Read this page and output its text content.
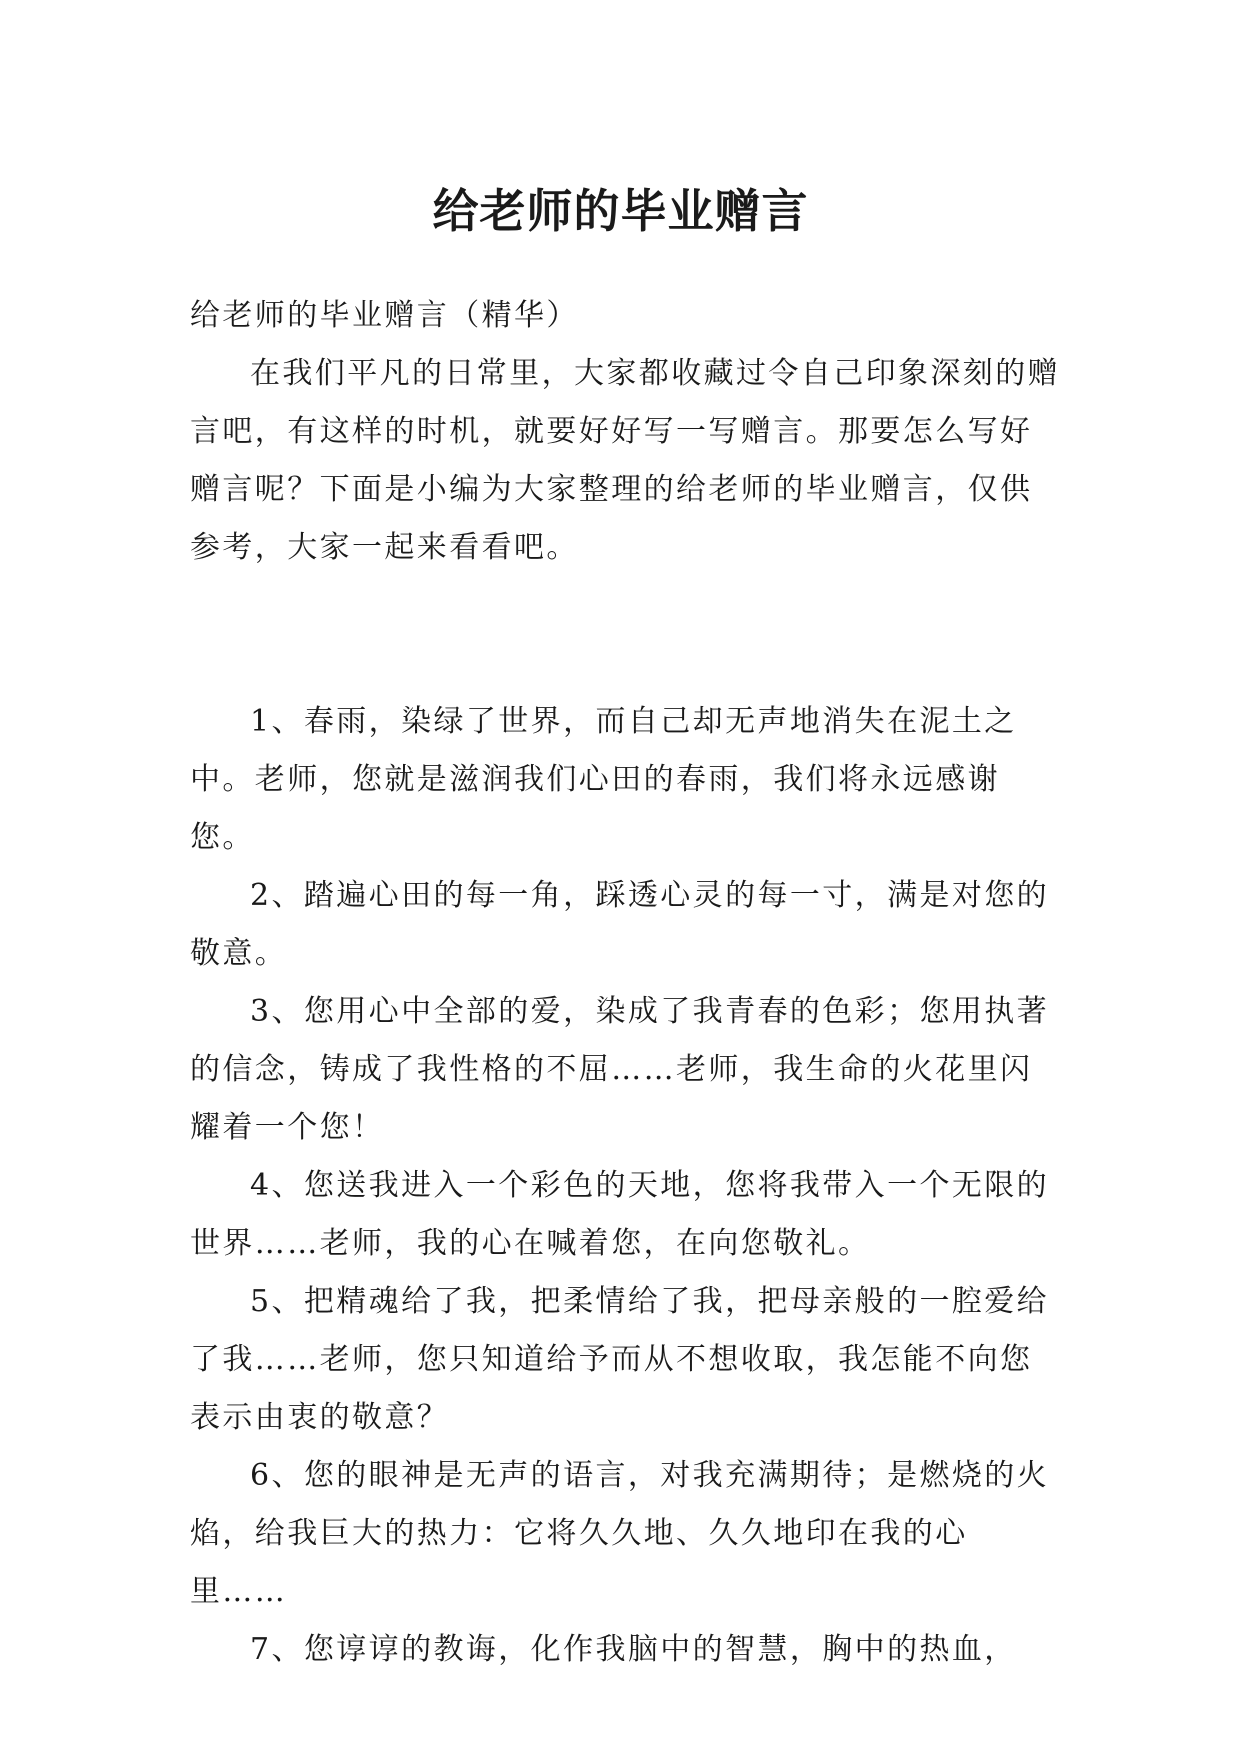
给老师的毕业赠言

给老师的毕业赠言（精华）

在我们平凡的日常里，大家都收藏过令自己印象深刻的赠言吧，有这样的时机，就要好好写一写赠言。那要怎么写好赠言呢？下面是小编为大家整理的给老师的毕业赠言，仅供参考，大家一起来看看吧。

1、春雨，染绿了世界，而自己却无声地消失在泥土之中。老师，您就是滋润我们心田的春雨，我们将永远感谢您。

2、踏遍心田的每一角，踩透心灵的每一寸，满是对您的敬意。

3、您用心中全部的爱，染成了我青春的色彩；您用执著的信念，铸成了我性格的不屈……老师，我生命的火花里闪耀着一个您！

4、您送我进入一个彩色的天地，您将我带入一个无限的世界……老师，我的心在喊着您，在向您敬礼。

5、把精魂给了我，把柔情给了我，把母亲般的一腔爱给了我……老师，您只知道给予而从不想收取，我怎能不向您表示由衷的敬意？

6、您的眼神是无声的语言，对我充满期待；是燃烧的火焰，给我巨大的热力：它将久久地、久久地印在我的心里……

7、您谆谆的教诲，化作我脑中的智慧，胸中的热血，
